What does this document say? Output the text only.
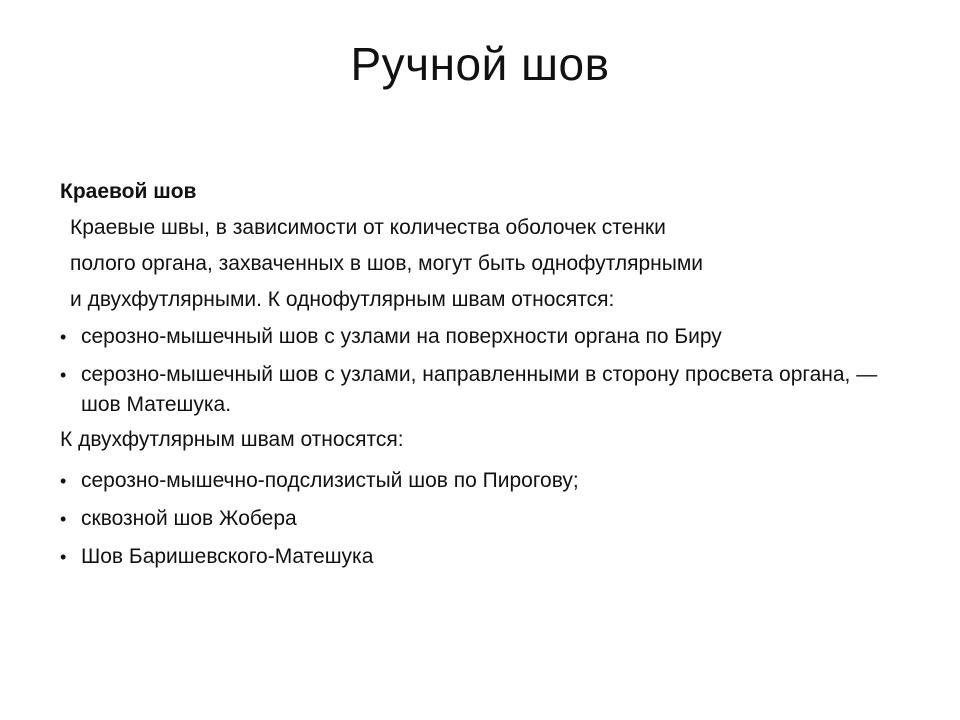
Ручной шов
Краевой шов
Краевые швы, в зависимости от количества оболочек стенки
полого органа, захваченных в шов, могут быть однофутлярными
и двухфутлярными. К однофутлярным швам относятся:
• серозно-мышечный шов с узлами на поверхности органа по Биру
• серозно-мышечный шов с узлами, направленными в сторону просвета органа, — шов Матешука.
К двухфутлярным швам относятся:
• серозно-мышечно-подслизистый шов по Пирогову;
• сквозной шов Жобера
• Шов Баришевского-Матешука
